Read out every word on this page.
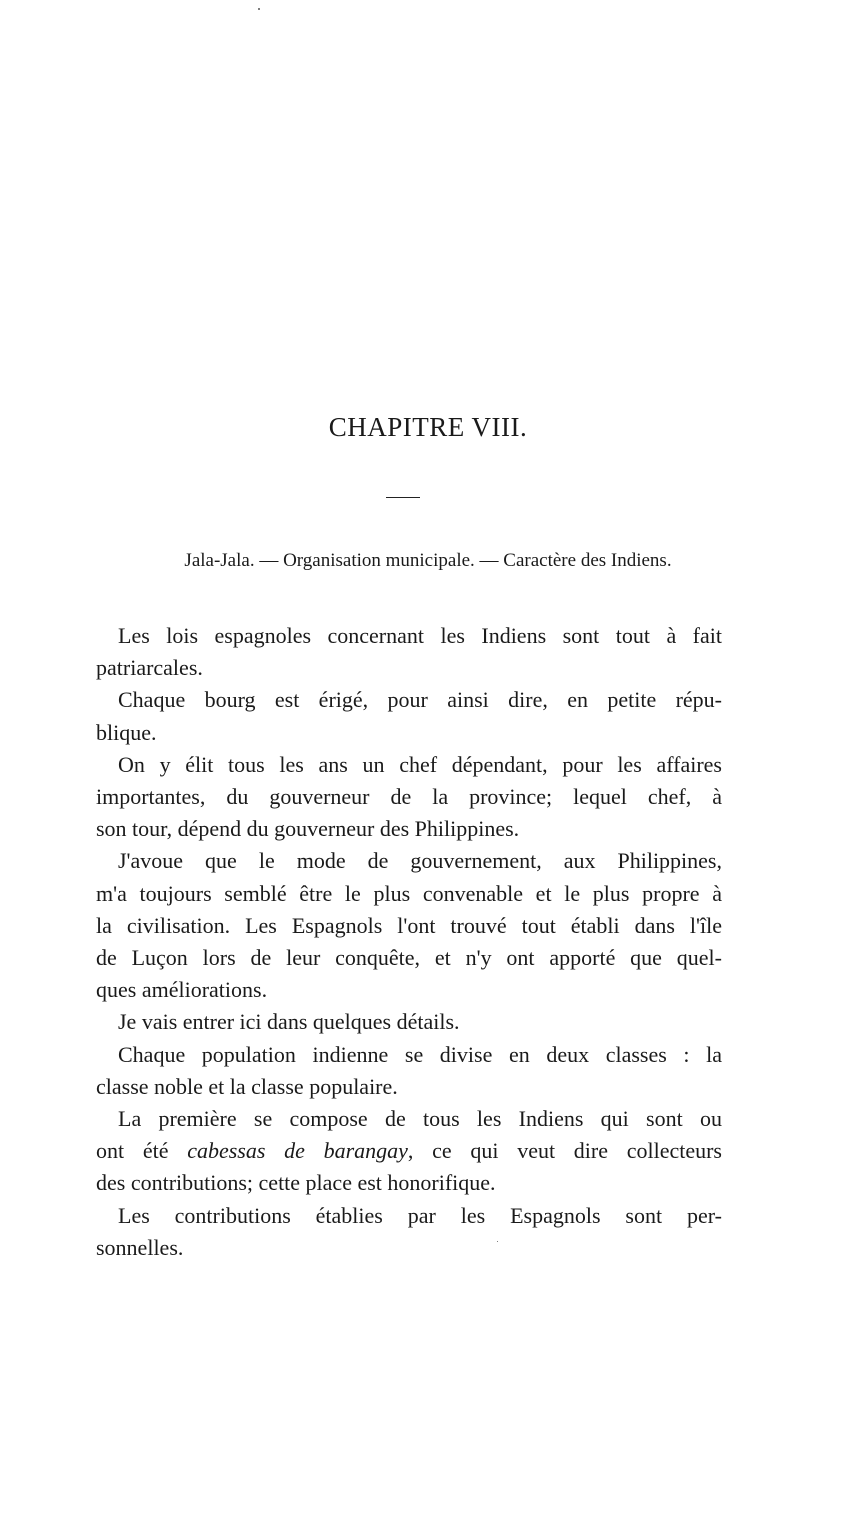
CHAPITRE VIII.

Jala-Jala. — Organisation municipale. — Caractère des Indiens.

Les lois espagnoles concernant les Indiens sont tout à fait
patriarcales.

Chaque bourg est érigé, pour ainsi dire, en petite répu-
blique.

On y élit tous les ans un chef dépendant, pour les affaires
importantes, du gouverneur de la province; lequel chef, à
son tour, dépend du gouverneur des Philippines.

J'avoue que le mode de gouvernement, aux Philippines,
m'a toujours semblé être le plus convenable et le plus propre à
la civilisation. Les Espagnols l'ont trouvé tout établi dans l'île
de Luçon lors de leur conquête, et n'y ont apporté que quel-
ques améliorations.

Je vais entrer ici dans quelques détails.

Chaque population indienne se divise en deux classes : la
classe noble et la classe populaire.

La première se compose de tous les Indiens qui sont ou
ont été cabessas de barangay, ce qui veut dire collecteurs
des contributions; cette place est honorifique.

Les contributions établies par les Espagnols sont per-
sonnelles.
